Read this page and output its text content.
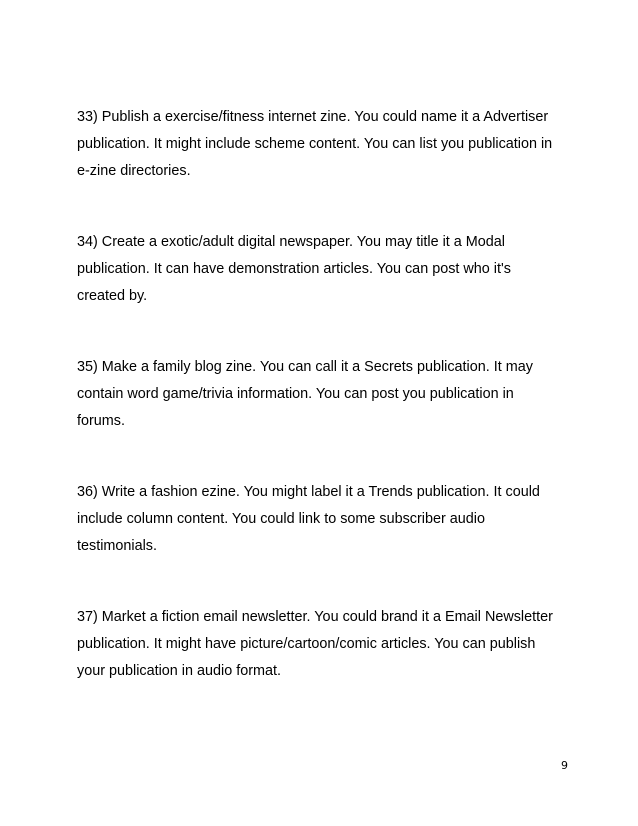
33) Publish a exercise/fitness internet zine. You could name it a Advertiser
publication. It might include scheme content. You can list you publication in
e-zine directories.

34) Create a exotic/adult digital newspaper. You may title it a Modal
publication. It can have demonstration articles. You can post who it's
created by.

35) Make a family blog zine. You can call it a Secrets publication. It may
contain word game/trivia information. You can post you publication in
forums.

36) Write a fashion ezine. You might label it a Trends publication. It could
include column content. You could link to some subscriber audio
testimonials.

37) Market a fiction email newsletter. You could brand it a Email Newsletter
publication. It might have picture/cartoon/comic articles. You can publish
your publication in audio format.

9
